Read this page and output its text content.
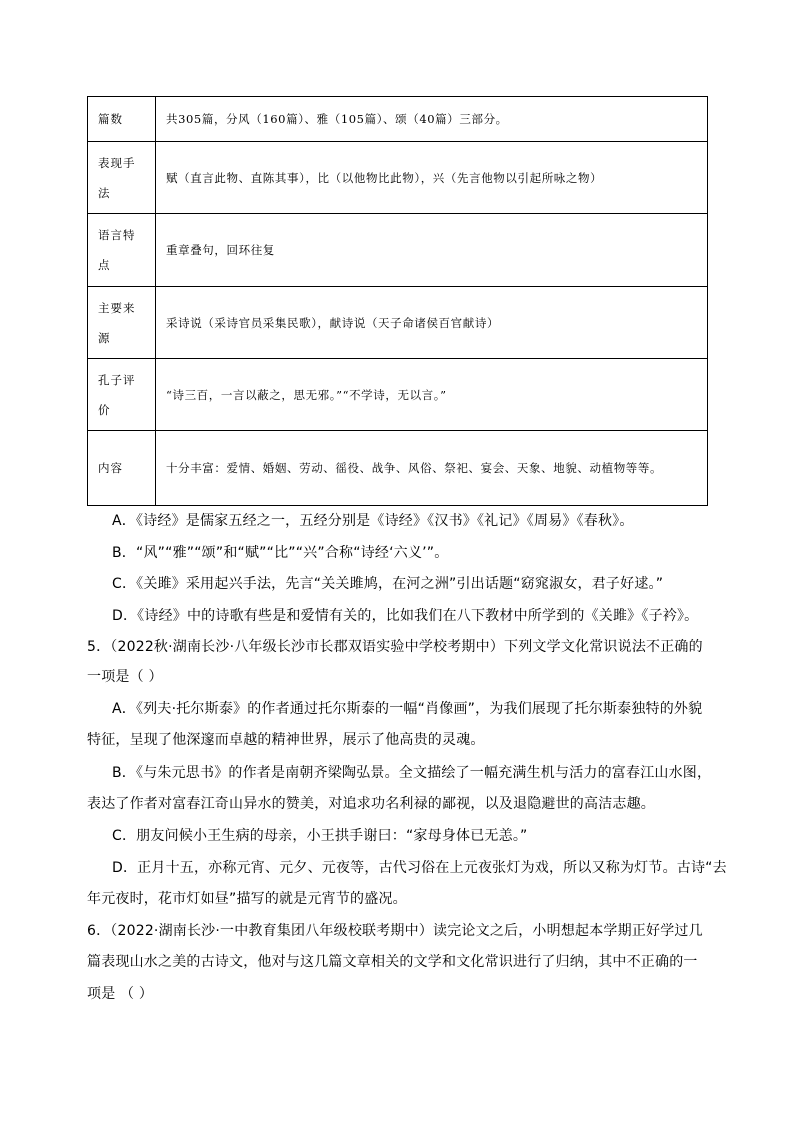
篇数	共305篇，分风（160篇）、雅（105篇）、颂（40篇）三部分。
表现手法	赋（直言此物、直陈其事），比（以他物比此物），兴（先言他物以引起所咏之物）
语言特点	重章叠句，回环往复
主要来源	采诗说（采诗官员采集民歌），献诗说（天子命诸侯百官献诗）
孔子评价	“诗三百，一言以蔽之，思无邪。”“不学诗，无以言。”
内容	十分丰富：爱情、婚姻、劳动、徭役、战争、风俗、祭祀、宴会、天象、地貌、动植物等等。
A．《诗经》是儒家五经之一，五经分别是《诗经》《汉书》《礼记》《周易》《春秋》。
B．“风”“雅”“颂”和“赋”“比”“兴”合称“诗经‘六义’”。
C．《关雎》采用起兴手法，先言“关关雎鸠，在河之洲”引出话题“窈窕淑女，君子好逑。”
D．《诗经》中的诗歌有些是和爱情有关的，比如我们在八下教材中所学到的《关雎》《子衿》。
5．（2022秋·湖南长沙·八年级长沙市长郡双语实验中学校考期中）下列文学文化常识说法不正确的
一项是（ ）
A．《列夫·托尔斯泰》的作者通过托尔斯泰的一幅“肖像画”，为我们展现了托尔斯泰独特的外貌
特征，呈现了他深邃而卓越的精神世界，展示了他高贵的灵魂。
B．《与朱元思书》的作者是南朝齐梁陶弘景。全文描绘了一幅充满生机与活力的富春江山水图，
表达了作者对富春江奇山异水的赞美，对追求功名利禄的鄙视，以及退隐避世的高洁志趣。
C．朋友问候小王生病的母亲，小王拱手谢曰：“家母身体已无恙。”
D．正月十五，亦称元宵、元夕、元夜等，古代习俗在上元夜张灯为戏，所以又称为灯节。古诗“去
年元夜时，花市灯如昼”描写的就是元宵节的盛况。
6．（2022·湖南长沙·一中教育集团八年级校联考期中）读完论文之后，小明想起本学期正好学过几
篇表现山水之美的古诗文，他对与这几篇文章相关的文学和文化常识进行了归纳，其中不正确的一
项是 （ ）
